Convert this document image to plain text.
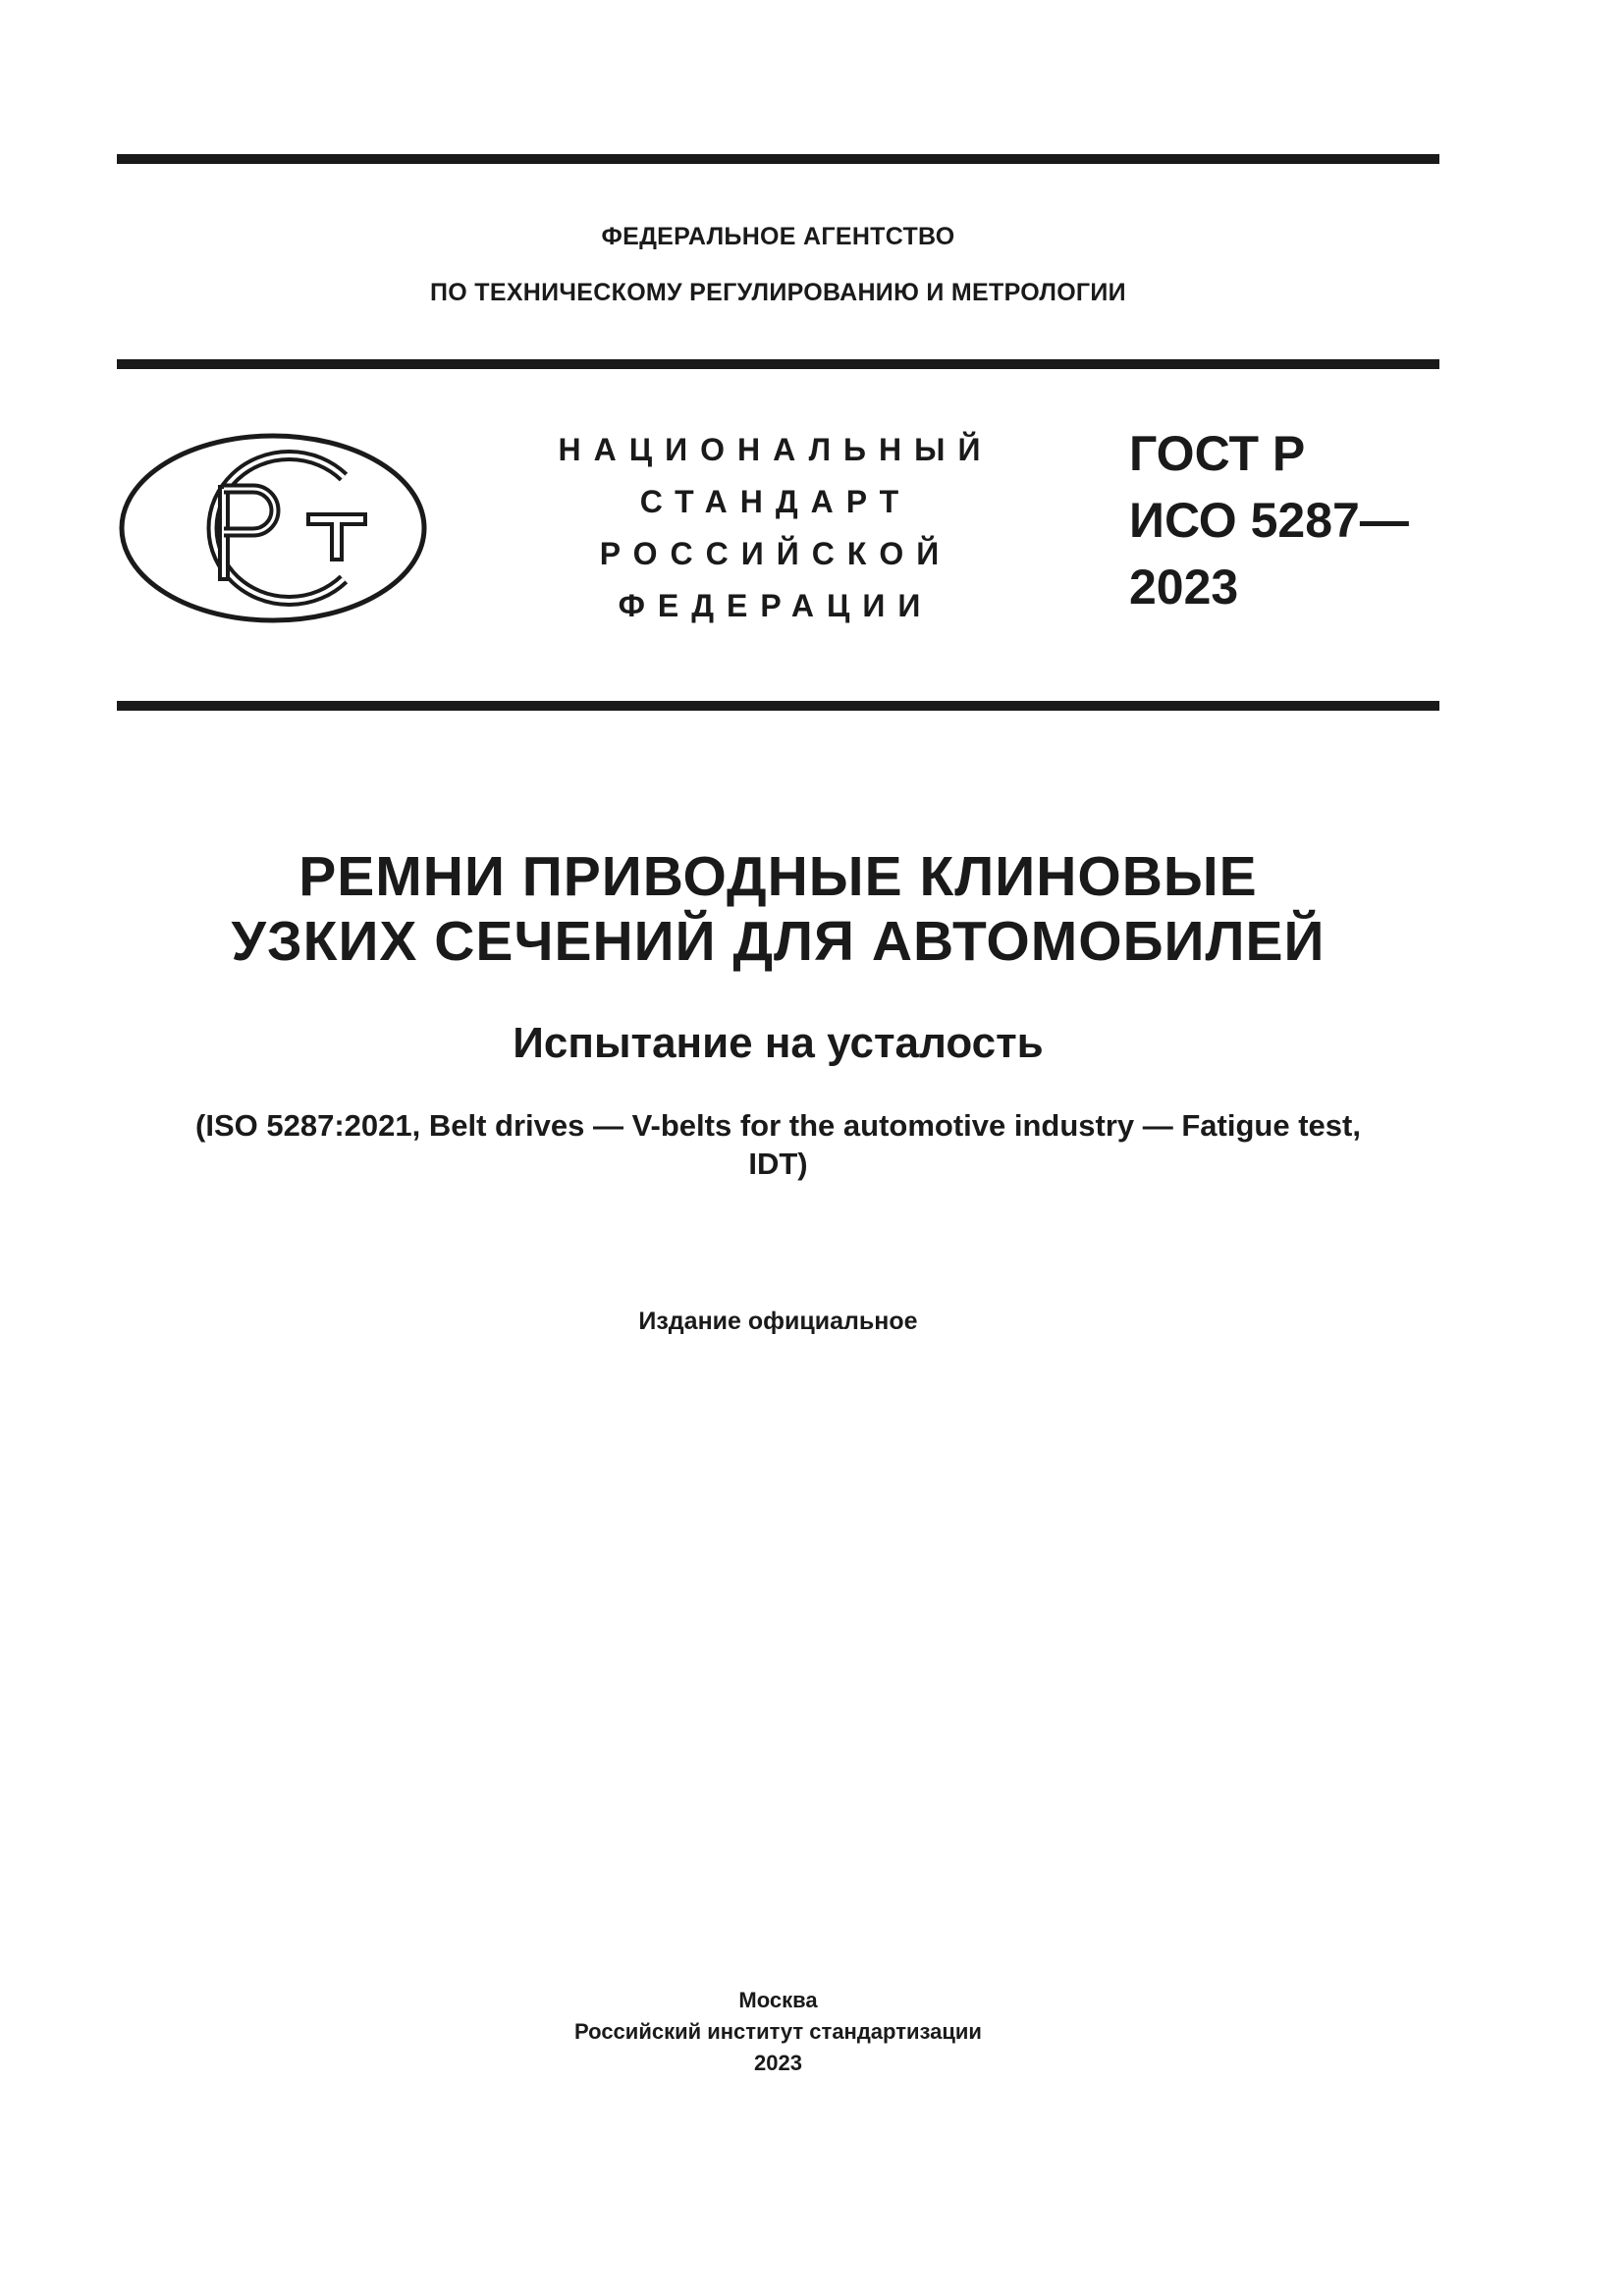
ФЕДЕРАЛЬНОЕ АГЕНТСТВО
ПО ТЕХНИЧЕСКОМУ РЕГУЛИРОВАНИЮ И МЕТРОЛОГИИ
НАЦИОНАЛЬНЫЙ
СТАНДАРТ
РОССИЙСКОЙ
ФЕДЕРАЦИИ
ГОСТ Р
ИСО 5287—
2023
РЕМНИ ПРИВОДНЫЕ КЛИНОВЫЕ
УЗКИХ СЕЧЕНИЙ ДЛЯ АВТОМОБИЛЕЙ
Испытание на усталость
(ISO 5287:2021, Belt drives — V-belts for the automotive industry — Fatigue test,
IDT)
Издание официальное
Москва
Российский институт стандартизации
2023
